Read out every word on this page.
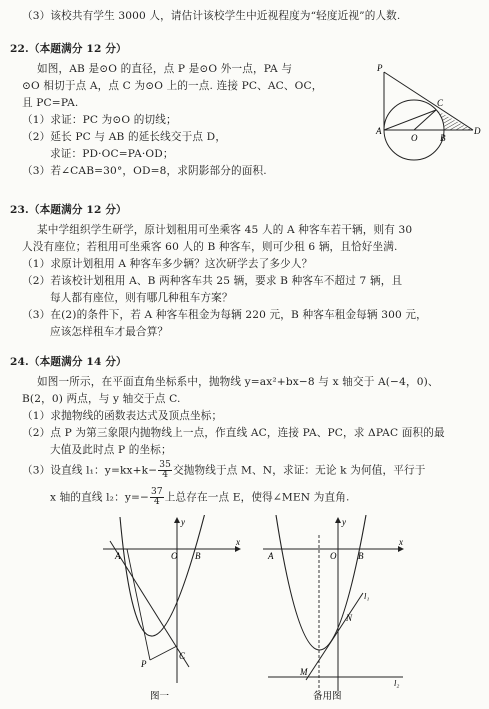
（3）该校共有学生 3000 人，请估计该校学生中近视程度为“轻度近视”的人数.
22.（本题满分 12 分）
如图，AB 是⊙O 的直径，点 P 是⊙O 外一点，PA 与
⊙O 相切于点 A，点 C 为⊙O 上的一点. 连接 PC、AC、OC，
且 PC=PA.
（1）求证：PC 为⊙O 的切线；
（2）延长 PC 与 AB 的延长线交于点 D，
求证：PD·OC=PA·OD；
（3）若∠CAB=30°，OD=8，求阴影部分的面积.
P
C
A
O	B
D
23.（本题满分 12 分）
某中学组织学生研学，原计划租用可坐乘客 45 人的 A 种客车若干辆，则有 30
人没有座位；若租用可坐乘客 60 人的 B 种客车，则可少租 6 辆，且恰好坐满.
（1）求原计划租用 A 种客车多少辆？这次研学去了多少人？
（2）若该校计划租用 A、B 两种客车共 25 辆，要求 B 种客车不超过 7 辆，且
每人都有座位，则有哪几种租车方案？
（3）在(2)的条件下，若 A 种客车租金为每辆 220 元，B 种客车租金每辆 300 元，
应该怎样租车才最合算？
24.（本题满分 14 分）
如图一所示，在平面直角坐标系中，抛物线 y=ax²+bx−8 与 x 轴交于 A(−4，0)、
B(2，0) 两点，与 y 轴交于点 C.
（1）求抛物线的函数表达式及顶点坐标；
（2）点 P 为第三象限内抛物线上一点，作直线 AC，连接 PA、PC，求 ΔPAC 面积的最
大值及此时点 P 的坐标；
（3）设直线 l₁：$y=kx+k- \frac{35}{4}$ 交抛物线于点 M、N，求证：无论 k 为何值，平行于
x 轴的直线 l₂：$y=- \frac{37}{4}$ 上总存在一点 E，使得∠MEN 为直角.
y
x
A	O B
P
C
图一
y
x
A	O B
l₁
N
M
l₂
备用图
